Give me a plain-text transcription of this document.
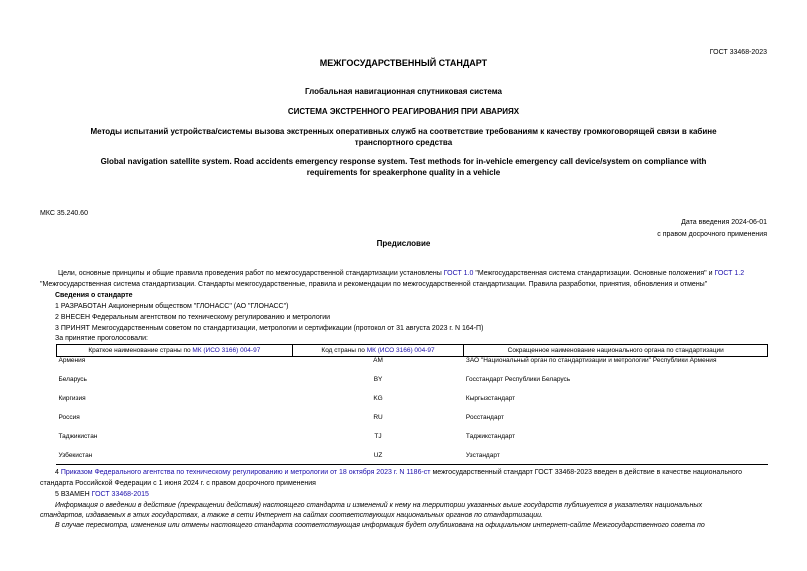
ГОСТ 33468-2023
МЕЖГОСУДАРСТВЕННЫЙ СТАНДАРТ
Глобальная навигационная спутниковая система
СИСТЕМА ЭКСТРЕННОГО РЕАГИРОВАНИЯ ПРИ АВАРИЯХ
Методы испытаний устройства/системы вызова экстренных оперативных служб на соответствие требованиям к качеству громкоговорящей связи в кабине
транспортного средства
Global navigation satellite system. Road accidents emergency response system. Test methods for in-vehicle emergency call device/system on compliance with
requirements for speakerphone quality in a vehicle
МКС 35.240.60
Дата введения 2024-06-01
с правом досрочного применения
Предисловие
Цели, основные принципы и общие правила проведения работ по межгосударственной стандартизации установлены ГОСТ 1.0 "Межгосударственная система стандартизации. Основные положения" и ГОСТ 1.2
"Межгосударственная система стандартизации. Стандарты межгосударственные, правила и рекомендации по межгосударственной стандартизации. Правила разработки, принятия, обновления и отмены"
Сведения о стандарте
1 РАЗРАБОТАН Акционерным обществом "ГЛОНАСС" (АО "ГЛОНАСС")
2 ВНЕСЕН Федеральным агентством по техническому регулированию и метрологии
3 ПРИНЯТ Межгосударственным советом по стандартизации, метрологии и сертификации (протокол от 31 августа 2023 г. N 164-П)
За принятие проголосовали:
Краткое наименование страны по МК (ИСО 3166) 004-97	Код страны по МК (ИСО 3166) 004-97	Сокращенное наименование национального органа по стандартизации
Армения	AM	ЗАО "Национальный орган по стандартизации и метрологии" Республики Армения
Беларусь	BY	Госстандарт Республики Беларусь
Киргизия	KG	Кыргызстандарт
Россия	RU	Росстандарт
Таджикистан	TJ	Таджикстандарт
Узбекистан	UZ	Узстандарт
4 Приказом Федерального агентства по техническому регулированию и метрологии от 18 октября 2023 г. N 1186-ст межгосударственный стандарт ГОСТ 33468-2023 введен в действие в качестве национального
стандарта Российской Федерации с 1 июня 2024 г. с правом досрочного применения
5 ВЗАМЕН ГОСТ 33468-2015
Информация о введении в действие (прекращении действия) настоящего стандарта и изменений к нему на территории указанных выше государств публикуется в указателях национальных
стандартов, издаваемых в этих государствах, а также в сети Интернет на сайтах соответствующих национальных органов по стандартизации.
В случае пересмотра, изменения или отмены настоящего стандарта соответствующая информация будет опубликована на официальном интернет-сайте Межгосударственного совета по
